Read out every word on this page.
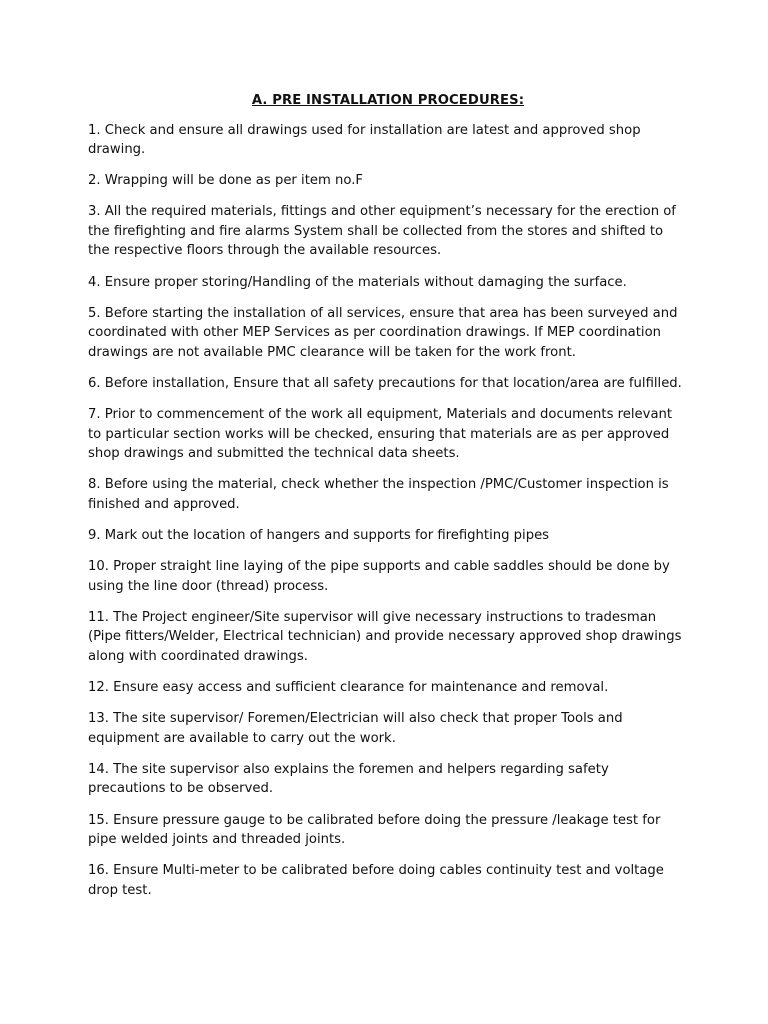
A. PRE INSTALLATION PROCEDURES:
1. Check and ensure all drawings used for installation are latest and approved shop drawing.
2. Wrapping will be done as per item no.F
3. All the required materials, fittings and other equipment’s necessary for the erection of the firefighting and fire alarms System shall be collected from the stores and shifted to the respective floors through the available resources.
4. Ensure proper storing/Handling of the materials without damaging the surface.
5. Before starting the installation of all services, ensure that area has been surveyed and coordinated with other MEP Services as per coordination drawings. If MEP coordination drawings are not available PMC clearance will be taken for the work front.
6. Before installation, Ensure that all safety precautions for that location/area are fulfilled.
7. Prior to commencement of the work all equipment, Materials and documents relevant to particular section works will be checked, ensuring that materials are as per approved shop drawings and submitted the technical data sheets.
8. Before using the material, check whether the inspection /PMC/Customer inspection is finished and approved.
9. Mark out the location of hangers and supports for firefighting pipes
10. Proper straight line laying of the pipe supports and cable saddles should be done by using the line door (thread) process.
11. The Project engineer/Site supervisor will give necessary instructions to tradesman (Pipe fitters/Welder, Electrical technician) and provide necessary approved shop drawings along with coordinated drawings.
12. Ensure easy access and sufficient clearance for maintenance and removal.
13. The site supervisor/ Foremen/Electrician will also check that proper Tools and equipment are available to carry out the work.
14. The site supervisor also explains the foremen and helpers regarding safety precautions to be observed.
15. Ensure pressure gauge to be calibrated before doing the pressure /leakage test for pipe welded joints and threaded joints.
16. Ensure Multi-meter to be calibrated before doing cables continuity test and voltage drop test.
